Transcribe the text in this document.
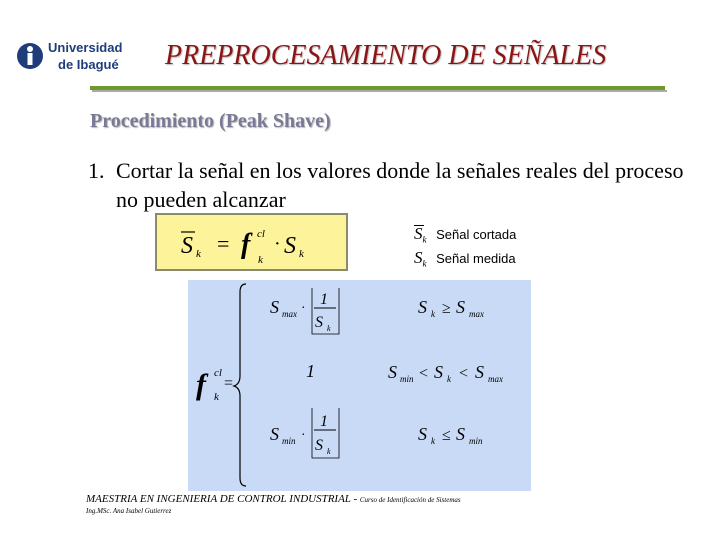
Universidad
de Ibagué PREPROCESAMIENTO DE SEÑALES
Procedimiento (Peak Shave)
1. Cortar la señal en los valores donde la señales reales del proceso no pueden alcanzar
S k = f cl
k
· S k
S
$_k$ Señal cortada
$S_k$ Señal medida
f cl
k
=
S max ·
1
S k
S k ≥ S max
1	S min < S k < S max
S min ·
1
S k
S k ≤ S min
MAESTRIA EN INGENIERIA DE CONTROL INDUSTRIAL - Curso de Identificación de Sistemas
Ing.MSc. Ana Isabel Gutierrez
